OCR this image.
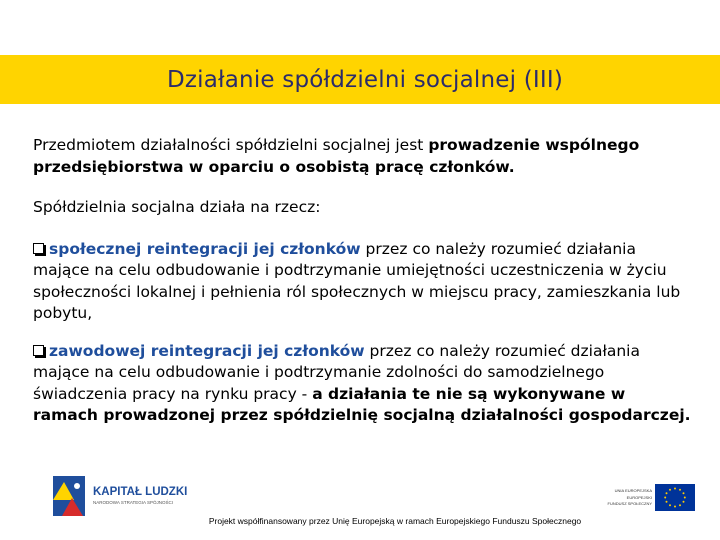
Działanie spółdzielni socjalnej (III)

Przedmiotem działalności spółdzielni socjalnej jest prowadzenie wspólnego przedsiębiorstwa w oparciu o osobistą pracę członków.

Spółdzielnia socjalna działa na rzecz:

społecznej reintegracji jej członków przez co należy rozumieć działania mające na celu odbudowanie i podtrzymanie umiejętności uczestniczenia w życiu społeczności lokalnej i pełnienia ról społecznych w miejscu pracy, zamieszkania lub pobytu,

zawodowej reintegracji jej członków przez co należy rozumieć działania mające na celu odbudowanie i podtrzymanie zdolności do samodzielnego świadczenia pracy na rynku pracy - a działania te nie są wykonywane w ramach prowadzonej przez spółdzielnię socjalną działalności gospodarczej.

KAPITAŁ LUDZKI
NARODOWA STRATEGIA SPÓJNOŚCI
UNIA EUROPEJSKA
EUROPEJSKI
FUNDUSZ SPOŁECZNY
Projekt współfinansowany przez Unię Europejską w ramach Europejskiego Funduszu Społecznego
